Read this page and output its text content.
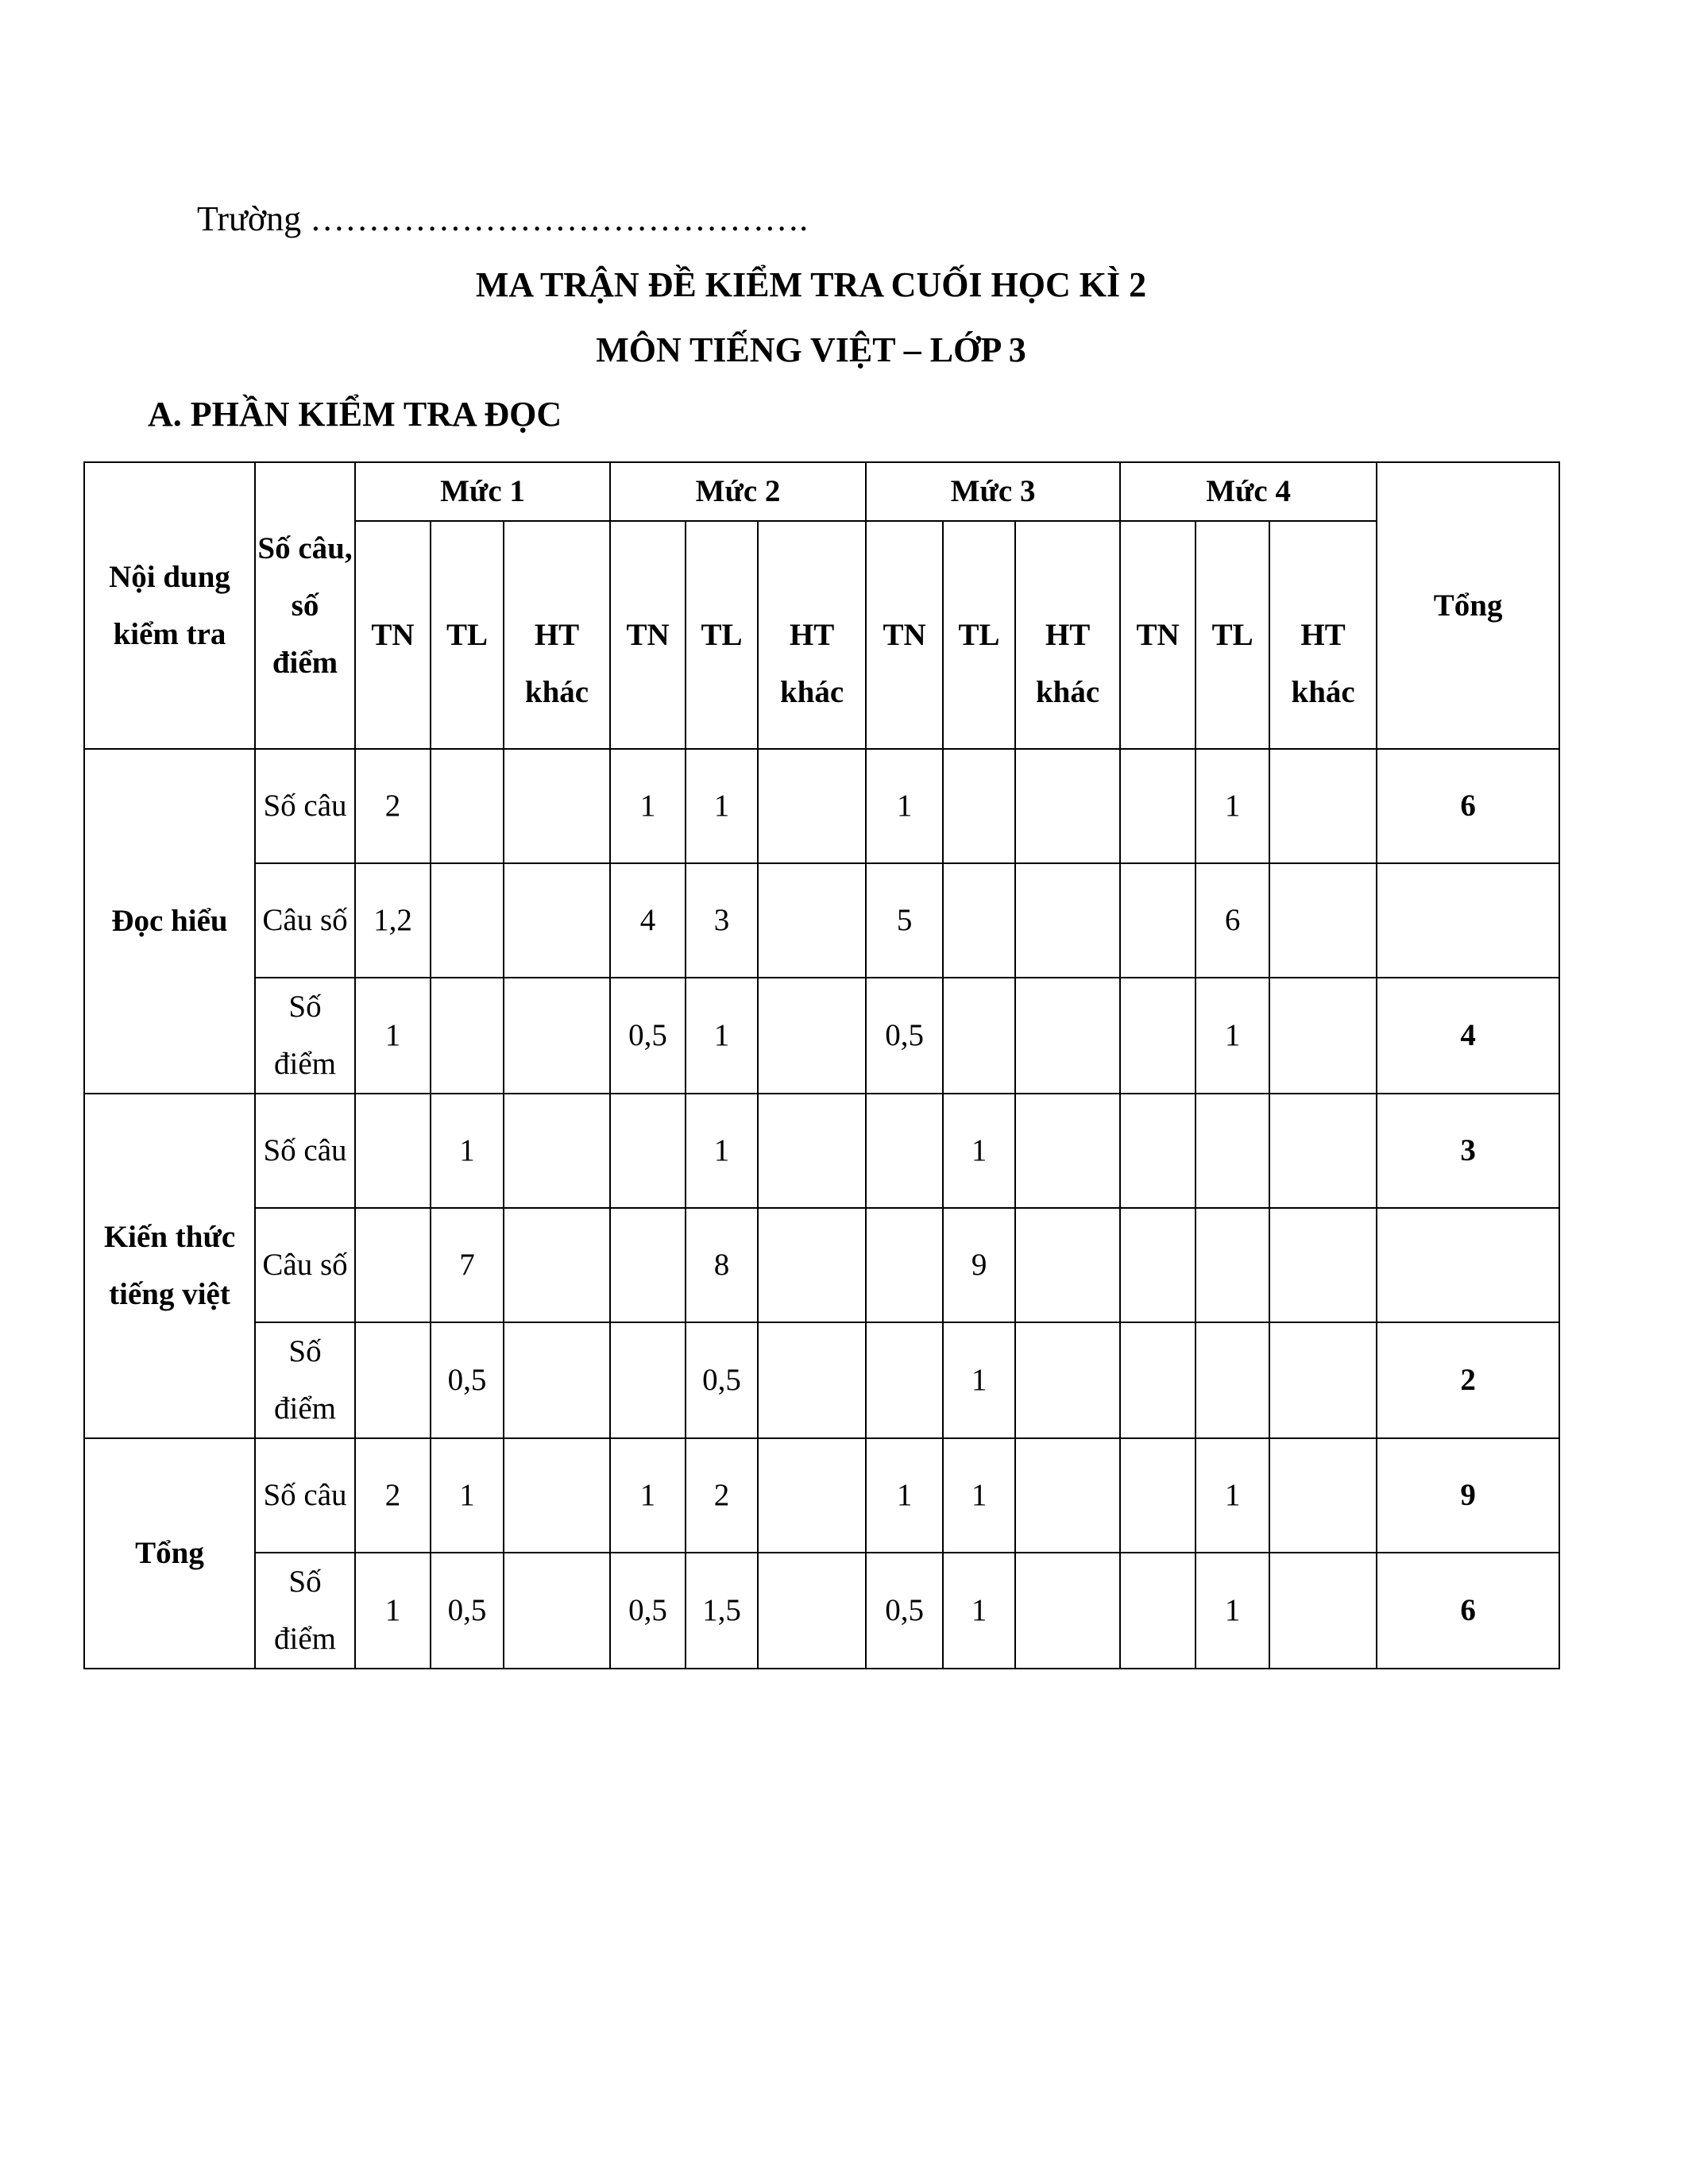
Trường …………………………………….
MA TRẬN ĐỀ KIỂM TRA CUỐI HỌC KÌ 2
MÔN TIẾNG VIỆT – LỚP 3
A. PHẦN KIỂM TRA ĐỌC
Nội dung kiểm tra	Số câu, số điểm	Mức 1			Mức 2			Mức 3			Mức 4			Tổng
		TN	TL	HT khác	TN	TL	HT khác	TN	TL	HT khác	TN	TL	HT khác	
Đọc hiểu	Số câu	2			1	1		1				1		6
	Câu số	1,2			4	3		5				6		
	Số điểm	1			0,5	1		0,5				1		4
Kiến thức tiếng việt	Số câu		1			1			1					3
	Câu số		7			8			9					
	Số điểm		0,5			0,5			1					2
Tổng	Số câu	2	1		1	2		1	1			1		9
	Số điểm	1	0,5		0,5	1,5		0,5	1			1		6
